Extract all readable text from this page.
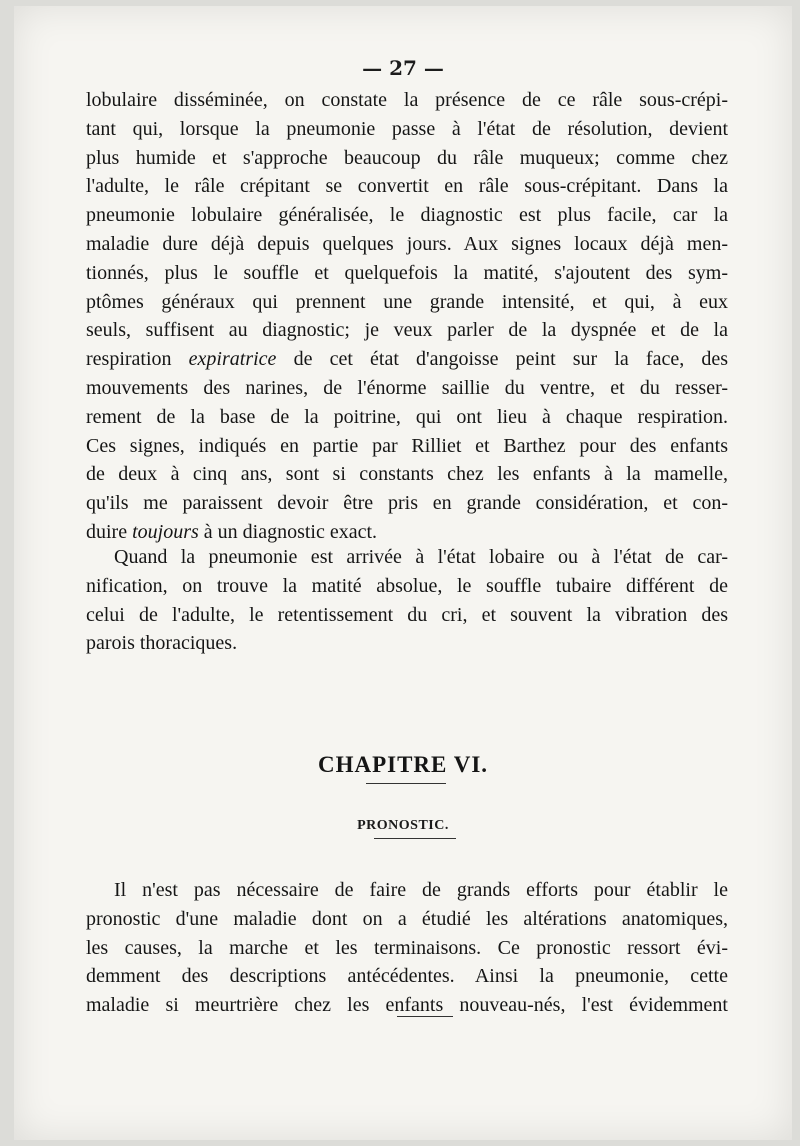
— 27 —

lobulaire disséminée, on constate la présence de ce râle sous-crépi-
tant qui, lorsque la pneumonie passe à l'état de résolution, devient
plus humide et s'approche beaucoup du râle muqueux; comme chez
l'adulte, le râle crépitant se convertit en râle sous-crépitant. Dans la
pneumonie lobulaire généralisée, le diagnostic est plus facile, car la
maladie dure déjà depuis quelques jours. Aux signes locaux déjà men-
tionnés, plus le souffle et quelquefois la matité, s'ajoutent des sym-
ptômes généraux qui prennent une grande intensité, et qui, à eux
seuls, suffisent au diagnostic; je veux parler de la dyspnée et de la
respiration expiratrice de cet état d'angoisse peint sur la face, des
mouvements des narines, de l'énorme saillie du ventre, et du resser-
rement de la base de la poitrine, qui ont lieu à chaque respiration.
Ces signes, indiqués en partie par Rilliet et Barthez pour des enfants
de deux à cinq ans, sont si constants chez les enfants à la mamelle,
qu'ils me paraissent devoir être pris en grande considération, et con-
duire toujours à un diagnostic exact.

Quand la pneumonie est arrivée à l'état lobaire ou à l'état de car-
nification, on trouve la matité absolue, le souffle tubaire différent de
celui de l'adulte, le retentissement du cri, et souvent la vibration des
parois thoraciques.

CHAPITRE VI.
PRONOSTIC.

Il n'est pas nécessaire de faire de grands efforts pour établir le
pronostic d'une maladie dont on a étudié les altérations anatomiques,
les causes, la marche et les terminaisons. Ce pronostic ressort évi-
demment des descriptions antécédentes. Ainsi la pneumonie, cette
maladie si meurtrière chez les enfants nouveau-nés, l'est évidemment
